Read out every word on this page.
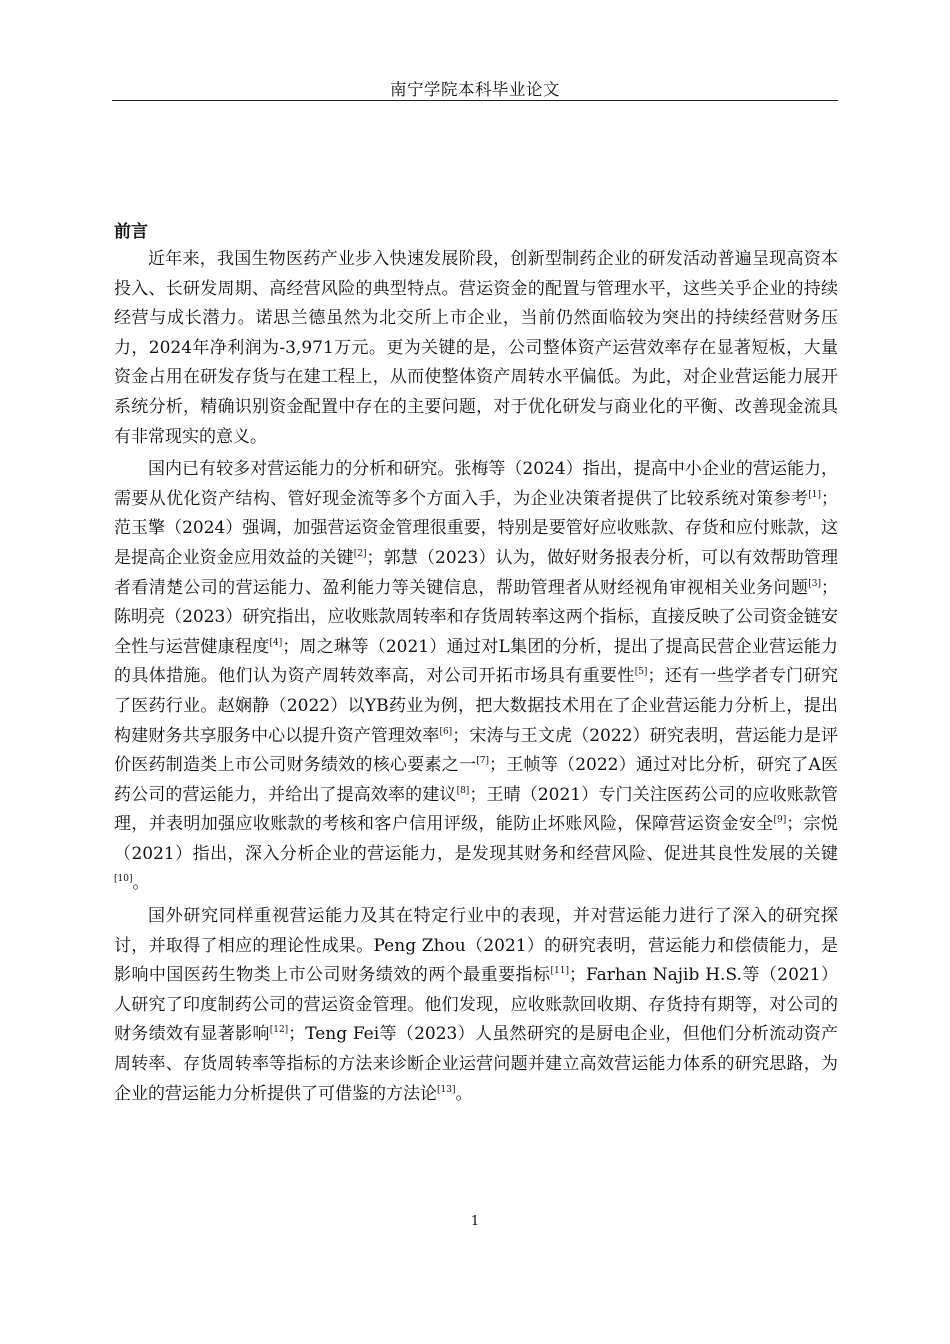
南宁学院本科毕业论文
前言

近年来，我国生物医药产业步入快速发展阶段，创新型制药企业的研发活动普遍呈现高资本投入、长研发周期、高经营风险的典型特点。营运资金的配置与管理水平，这些关乎企业的持续经营与成长潜力。诺思兰德虽然为北交所上市企业，当前仍然面临较为突出的持续经营财务压力，2024年净利润为-3,971万元。更为关键的是，公司整体资产运营效率存在显著短板，大量资金占用在研发存货与在建工程上，从而使整体资产周转水平偏低。为此，对企业营运能力展开系统分析，精确识别资金配置中存在的主要问题，对于优化研发与商业化的平衡、改善现金流具有非常现实的意义。

国内已有较多对营运能力的分析和研究。张梅等（2024）指出，提高中小企业的营运能力，需要从优化资产结构、管好现金流等多个方面入手，为企业决策者提供了比较系统对策参考[1]；范玉擎（2024）强调，加强营运资金管理很重要，特别是要管好应收账款、存货和应付账款，这是提高企业资金应用效益的关键[2]；郭慧（2023）认为，做好财务报表分析，可以有效帮助管理者看清楚公司的营运能力、盈利能力等关键信息，帮助管理者从财经视角审视相关业务问题[3]；陈明亮（2023）研究指出，应收账款周转率和存货周转率这两个指标，直接反映了公司资金链安全性与运营健康程度[4]；周之琳等（2021）通过对L集团的分析，提出了提高民营企业营运能力的具体措施。他们认为资产周转效率高，对公司开拓市场具有重要性[5]；还有一些学者专门研究了医药行业。赵娴静（2022）以YB药业为例，把大数据技术用在了企业营运能力分析上，提出构建财务共享服务中心以提升资产管理效率[6]；宋涛与王文虎（2022）研究表明，营运能力是评价医药制造类上市公司财务绩效的核心要素之一[7]；王帧等（2022）通过对比分析，研究了A医药公司的营运能力，并给出了提高效率的建议[8]；王晴（2021）专门关注医药公司的应收账款管理，并表明加强应收账款的考核和客户信用评级，能防止坏账风险，保障营运资金安全[9]；宗悦（2021）指出，深入分析企业的营运能力，是发现其财务和经营风险、促进其良性发展的关键[10]。

国外研究同样重视营运能力及其在特定行业中的表现，并对营运能力进行了深入的研究探讨，并取得了相应的理论性成果。Peng Zhou（2021）的研究表明，营运能力和偿债能力，是影响中国医药生物类上市公司财务绩效的两个最重要指标[11]；Farhan Najib H.S.等（2021）人研究了印度制药公司的营运资金管理。他们发现，应收账款回收期、存货持有期等，对公司的财务绩效有显著影响[12]；Teng Fei等（2023）人虽然研究的是厨电企业，但他们分析流动资产周转率、存货周转率等指标的方法来诊断企业运营问题并建立高效营运能力体系的研究思路，为企业的营运能力分析提供了可借鉴的方法论[13]。

1
